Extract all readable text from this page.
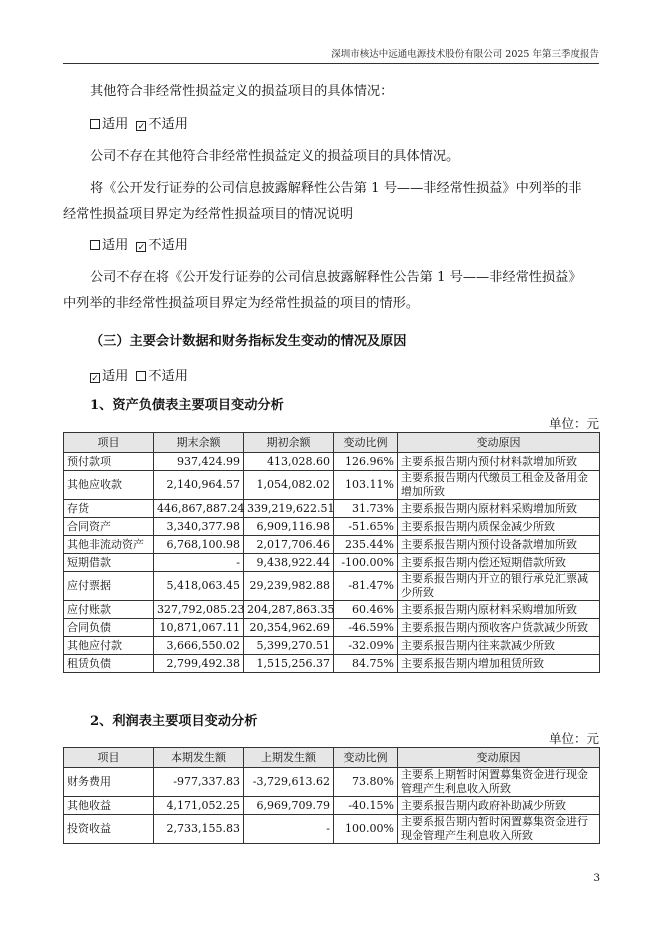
深圳市核达中远通电源技术股份有限公司 2025 年第三季度报告
其他符合非经常性损益定义的损益项目的具体情况：
适用 ✓ 不适用
公司不存在其他符合非经常性损益定义的损益项目的具体情况。
将《公开发行证券的公司信息披露解释性公告第 1 号——非经常性损益》中列举的非
经常性损益项目界定为经常性损益项目的情况说明
适用 ✓ 不适用
公司不存在将《公开发行证券的公司信息披露解释性公告第 1 号——非经常性损益》
中列举的非经常性损益项目界定为经常性损益的项目的情形。
（三）主要会计数据和财务指标发生变动的情况及原因
✓ 适用 不适用
1、资产负债表主要项目变动分析
单位：元
项目	期末余额	期初余额	变动比例	变动原因
预付款项	937,424.99	413,028.60	126.96%	主要系报告期内预付材料款增加所致
其他应收款	2,140,964.57	1,054,082.02	103.11%	主要系报告期内代缴员工租金及备用金增加所致
存货	446,867,887.24	339,219,622.51	31.73%	主要系报告期内原材料采购增加所致
合同资产	3,340,377.98	6,909,116.98	-51.65%	主要系报告期内质保金减少所致
其他非流动资产	6,768,100.98	2,017,706.46	235.44%	主要系报告期内预付设备款增加所致
短期借款	-	9,438,922.44	-100.00%	主要系报告期内偿还短期借款所致
应付票据	5,418,063.45	29,239,982.88	-81.47%	主要系报告期内开立的银行承兑汇票减少所致
应付账款	327,792,085.23	204,287,863.35	60.46%	主要系报告期内原材料采购增加所致
合同负债	10,871,067.11	20,354,962.69	-46.59%	主要系报告期内预收客户货款减少所致
其他应付款	3,666,550.02	5,399,270.51	-32.09%	主要系报告期内往来款减少所致
租赁负债	2,799,492.38	1,515,256.37	84.75%	主要系报告期内增加租赁所致
2、利润表主要项目变动分析
单位：元
项目	本期发生额	上期发生额	变动比例	变动原因
财务费用	-977,337.83	-3,729,613.62	73.80%	主要系上期暂时闲置募集资金进行现金管理产生利息收入所致
其他收益	4,171,052.25	6,969,709.79	-40.15%	主要系报告期内政府补助减少所致
投资收益	2,733,155.83	-	100.00%	主要系报告期内暂时闲置募集资金进行现金管理产生利息收入所致
3
